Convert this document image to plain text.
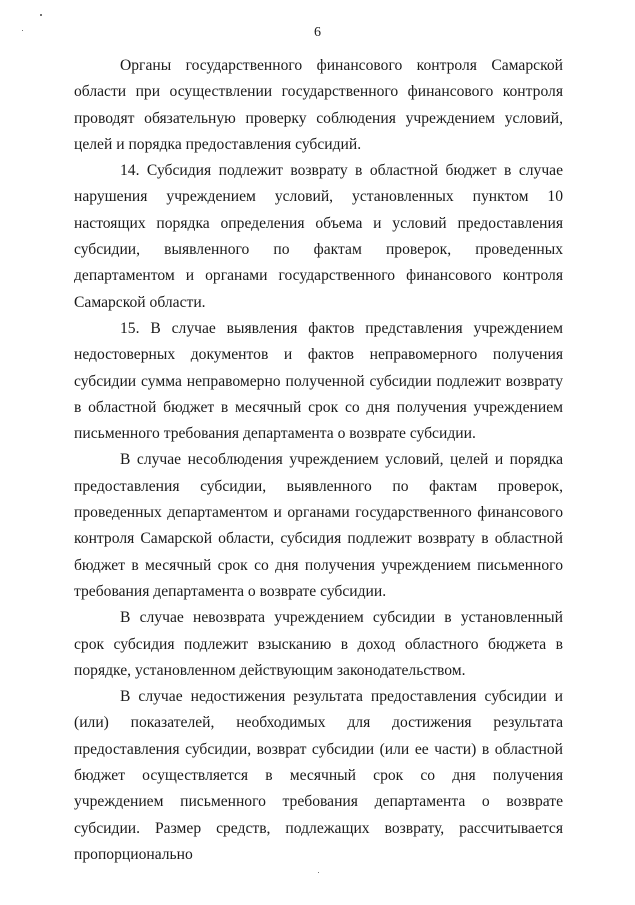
6

Органы государственного финансового контроля Самарской области при осуществлении государственного финансового контроля проводят обязательную проверку соблюдения учреждением условий, целей и порядка предоставления субсидий.

14. Субсидия подлежит возврату в областной бюджет в случае нарушения учреждением условий, установленных пунктом 10 настоящих порядка определения объема и условий предоставления субсидии, выявленного по фактам проверок, проведенных департаментом и органами государственного финансового контроля Самарской области.

15. В случае выявления фактов представления учреждением недостоверных документов и фактов неправомерного получения субсидии сумма неправомерно полученной субсидии подлежит возврату в областной бюджет в месячный срок со дня получения учреждением письменного требования департамента о возврате субсидии.

В случае несоблюдения учреждением условий, целей и порядка предоставления субсидии, выявленного по фактам проверок, проведенных департаментом и органами государственного финансового контроля Самарской области, субсидия подлежит возврату в областной бюджет в месячный срок со дня получения учреждением письменного требования департамента о возврате субсидии.

В случае невозврата учреждением субсидии в установленный срок субсидия подлежит взысканию в доход областного бюджета в порядке, установленном действующим законодательством.

В случае недостижения результата предоставления субсидии и (или) показателей, необходимых для достижения результата предоставления субсидии, возврат субсидии (или ее части) в областной бюджет осуществляется в месячный срок со дня получения учреждением письменного требования департамента о возврате субсидии. Размер средств, подлежащих возврату, рассчитывается пропорционально
